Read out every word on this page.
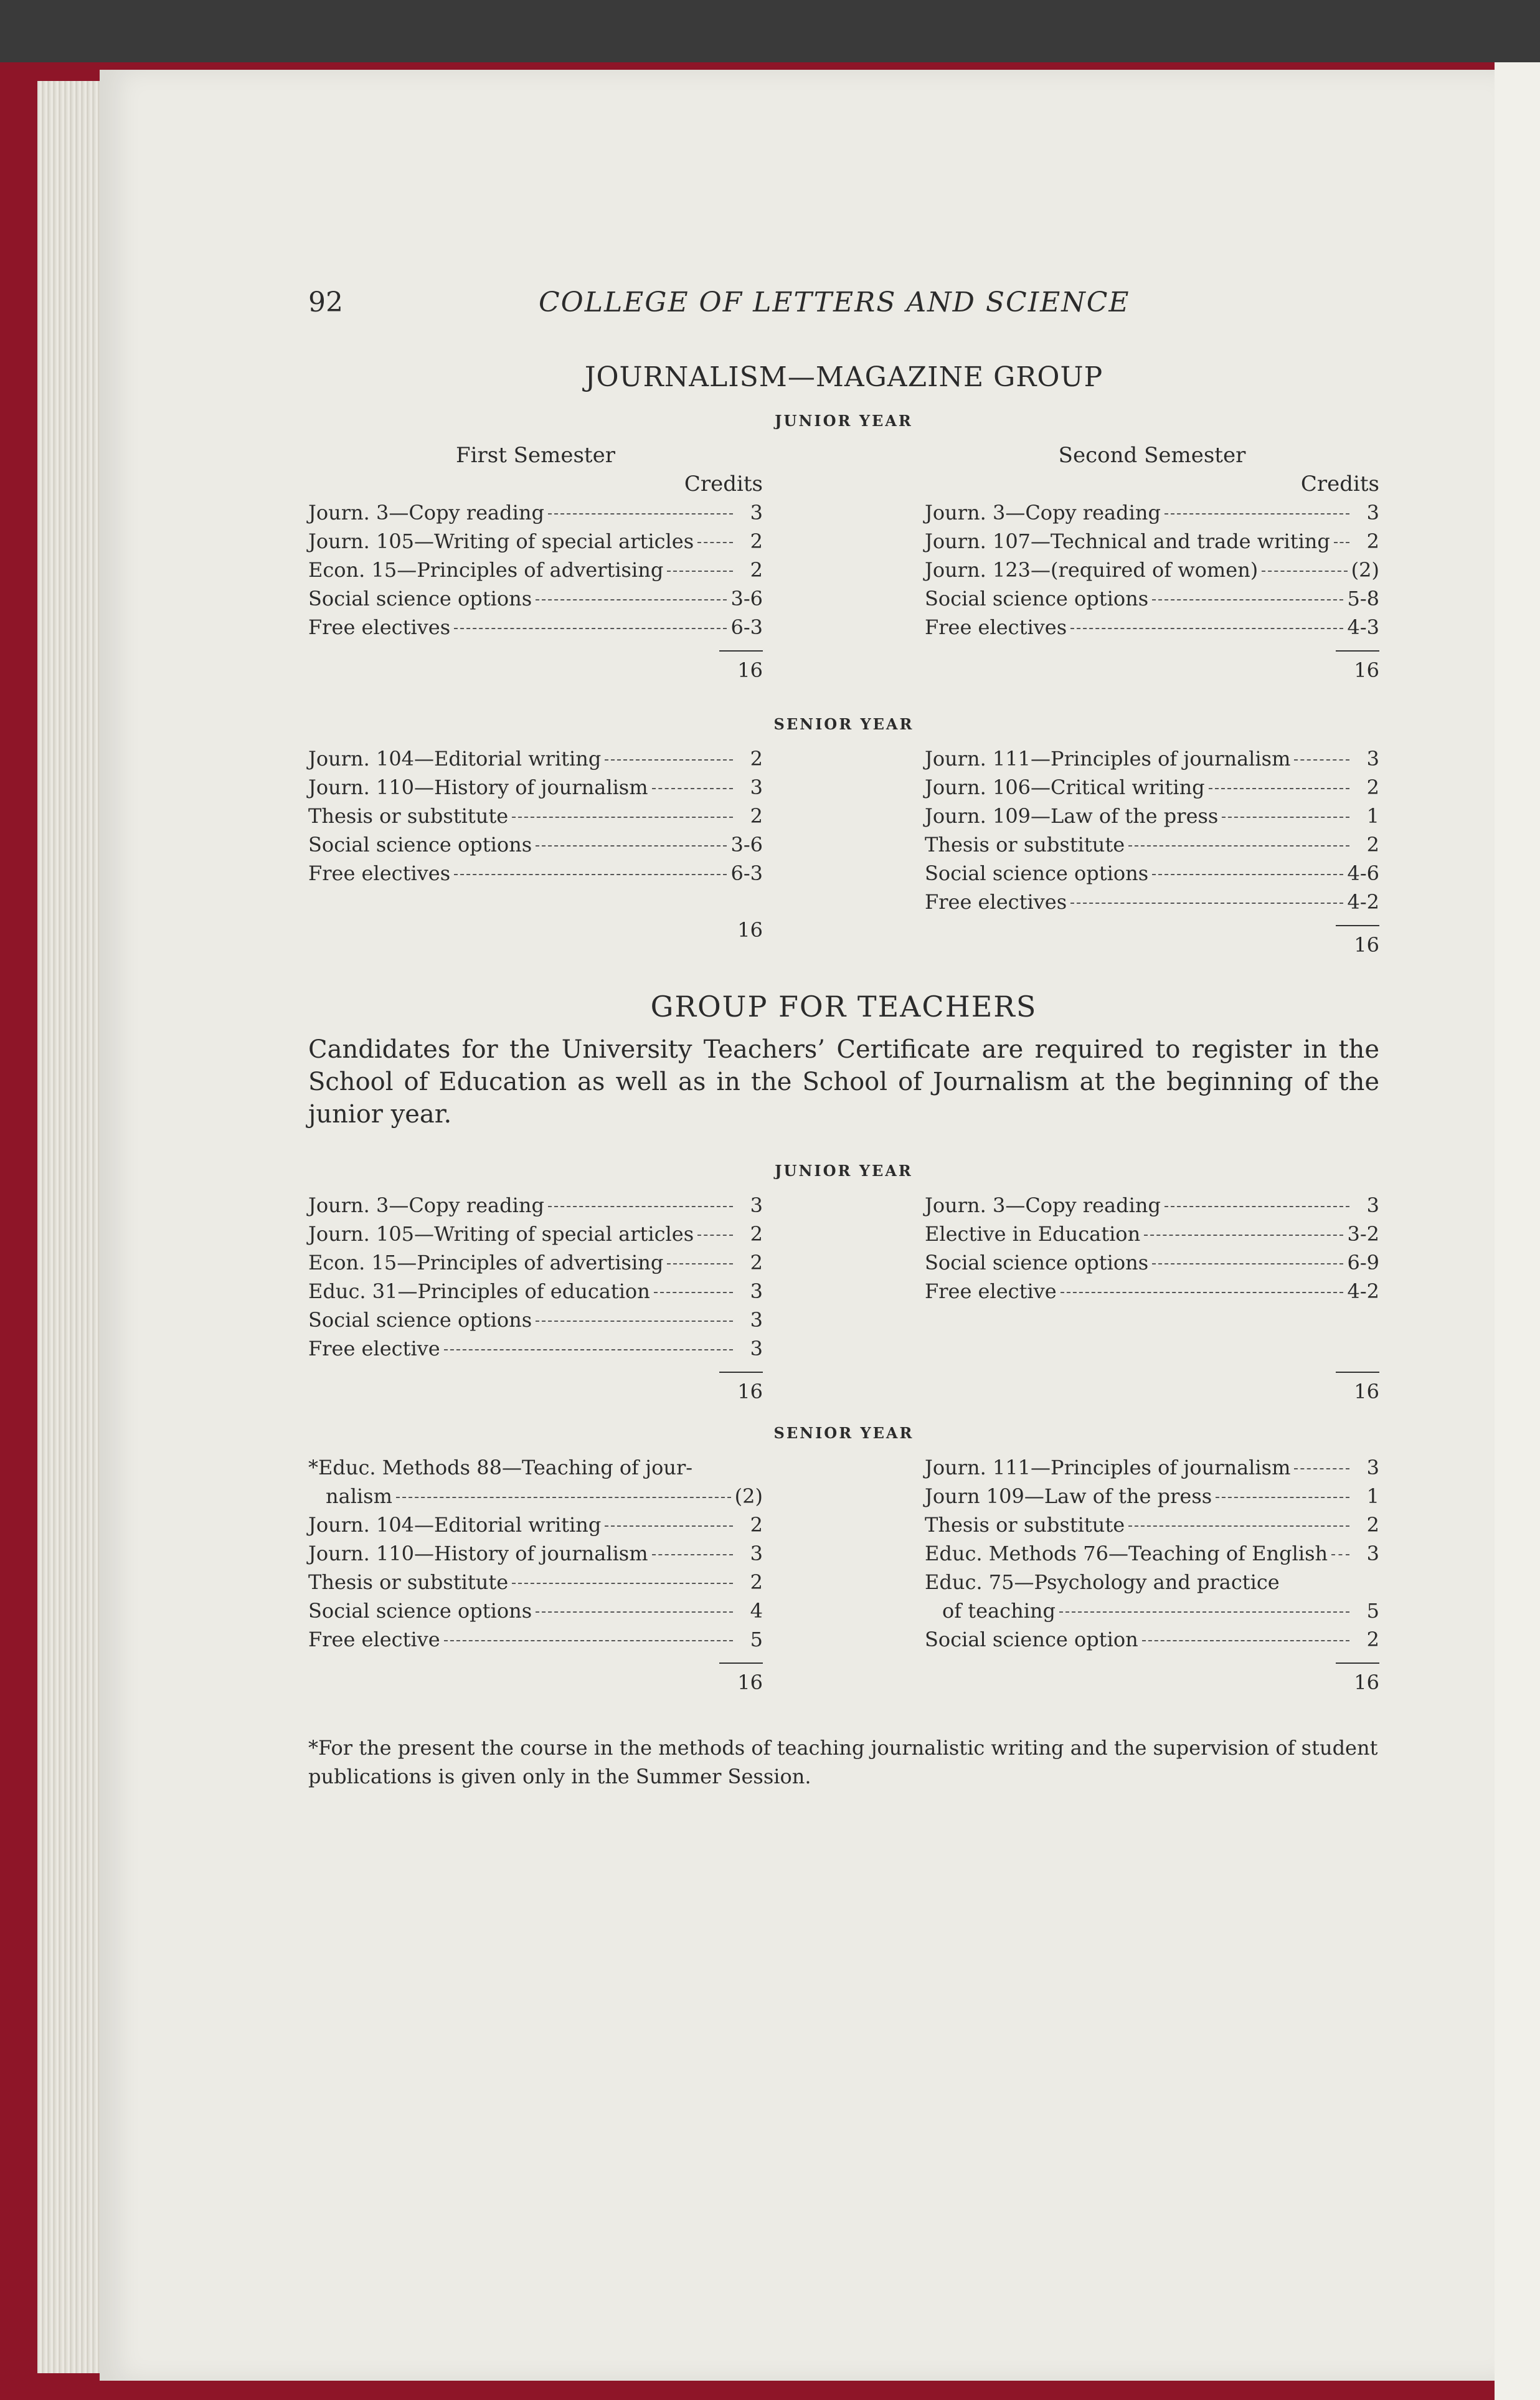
92	COLLEGE OF LETTERS AND SCIENCE
JOURNALISM—MAGAZINE GROUP
JUNIOR YEAR
First Semester
Credits
Journ. 3—Copy reading	3
Journ. 105—Writing of special articles	2
Econ. 15—Principles of advertising	2
Social science options	3-6
Free electives	6-3
16
Second Semester
Credits
Journ. 3—Copy reading	3
Journ. 107—Technical and trade writing	2
Journ. 123—(required of women)	(2)
Social science options	5-8
Free electives	4-3
16
SENIOR YEAR
Journ. 104—Editorial writing	2
Journ. 110—History of journalism	3
Thesis or substitute	2
Social science options	3-6
Free electives	6-3
16
Journ. 111—Principles of journalism	3
Journ. 106—Critical writing	2
Journ. 109—Law of the press	1
Thesis or substitute	2
Social science options	4-6
Free electives	4-2
16
GROUP FOR TEACHERS
Candidates for the University Teachers’ Certificate are required to register in the School of Education as well as in the School of Journalism at the beginning of the junior year.
JUNIOR YEAR
Journ. 3—Copy reading	3
Journ. 105—Writing of special articles	2
Econ. 15—Principles of advertising	2
Educ. 31—Principles of education	3
Social science options	3
Free elective	3
16
Journ. 3—Copy reading	3
Elective in Education	3-2
Social science options	6-9
Free elective	4-2
16
SENIOR YEAR
*Educ. Methods 88—Teaching of jour-
nalism	(2)
Journ. 104—Editorial writing	2
Journ. 110—History of journalism	3
Thesis or substitute	2
Social science options	4
Free elective	5
16
Journ. 111—Principles of journalism	3
Journ 109—Law of the press	1
Thesis or substitute	2
Educ. Methods 76—Teaching of English	3
Educ. 75—Psychology and practice
of teaching	5
Social science option	2
16
*For the present the course in the methods of teaching journalistic writing and the supervision of student publications is given only in the Summer Session.
